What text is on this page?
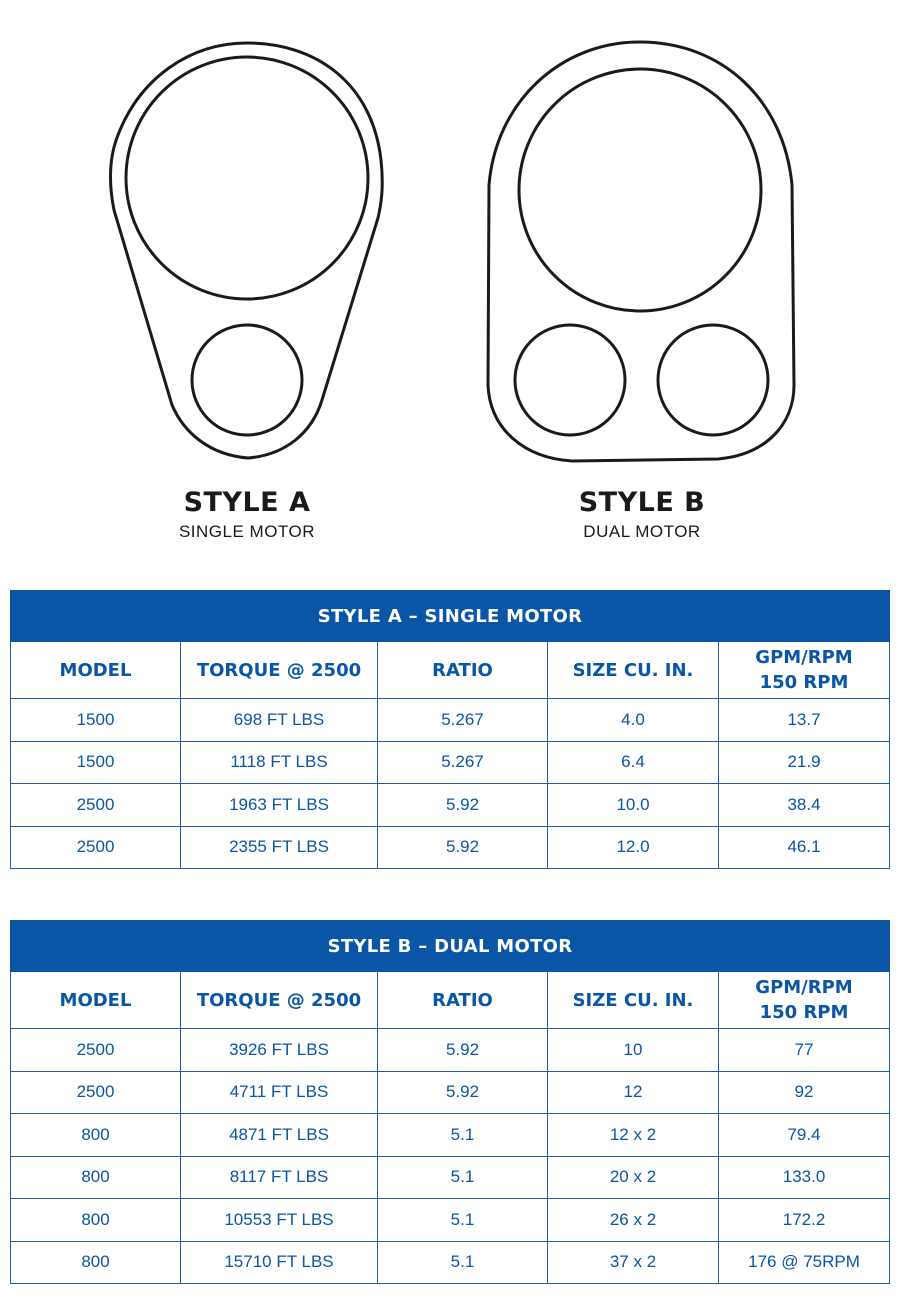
STYLE A
SINGLE MOTOR
STYLE B
DUAL MOTOR
STYLE A – SINGLE MOTOR				
MODEL	TORQUE @ 2500	RATIO	SIZE CU. IN.	GPM/RPM
150 RPM
1500	698 FT LBS	5.267	4.0	13.7
1500	1118 FT LBS	5.267	6.4	21.9
2500	1963 FT LBS	5.92	10.0	38.4
2500	2355 FT LBS	5.92	12.0	46.1
STYLE B – DUAL MOTOR				
MODEL	TORQUE @ 2500	RATIO	SIZE CU. IN.	GPM/RPM
150 RPM
2500	3926 FT LBS	5.92	10	77
2500	4711 FT LBS	5.92	12	92
800	4871 FT LBS	5.1	12 x 2	79.4
800	8117 FT LBS	5.1	20 x 2	133.0
800	10553 FT LBS	5.1	26 x 2	172.2
800	15710 FT LBS	5.1	37 x 2	176 @ 75RPM
